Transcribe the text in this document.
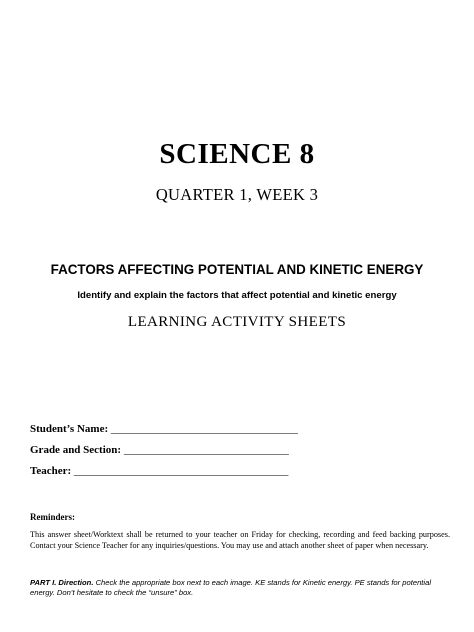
SCIENCE 8
QUARTER 1, WEEK 3
FACTORS AFFECTING POTENTIAL AND KINETIC ENERGY
Identify and explain the factors that affect potential and kinetic energy
LEARNING ACTIVITY SHEETS
Student’s Name: __________________________________
Grade and Section: ______________________________
Teacher: _______________________________________
Reminders:
This answer sheet/Worktext shall be returned to your teacher on Friday for checking, recording and feed backing purposes. Contact your Science Teacher for any inquiries/questions. You may use and attach another sheet of paper when necessary.
PART I. Direction. Check the appropriate box next to each image. KE stands for Kinetic energy. PE stands for potential energy. Don’t hesitate to check the “unsure” box.
